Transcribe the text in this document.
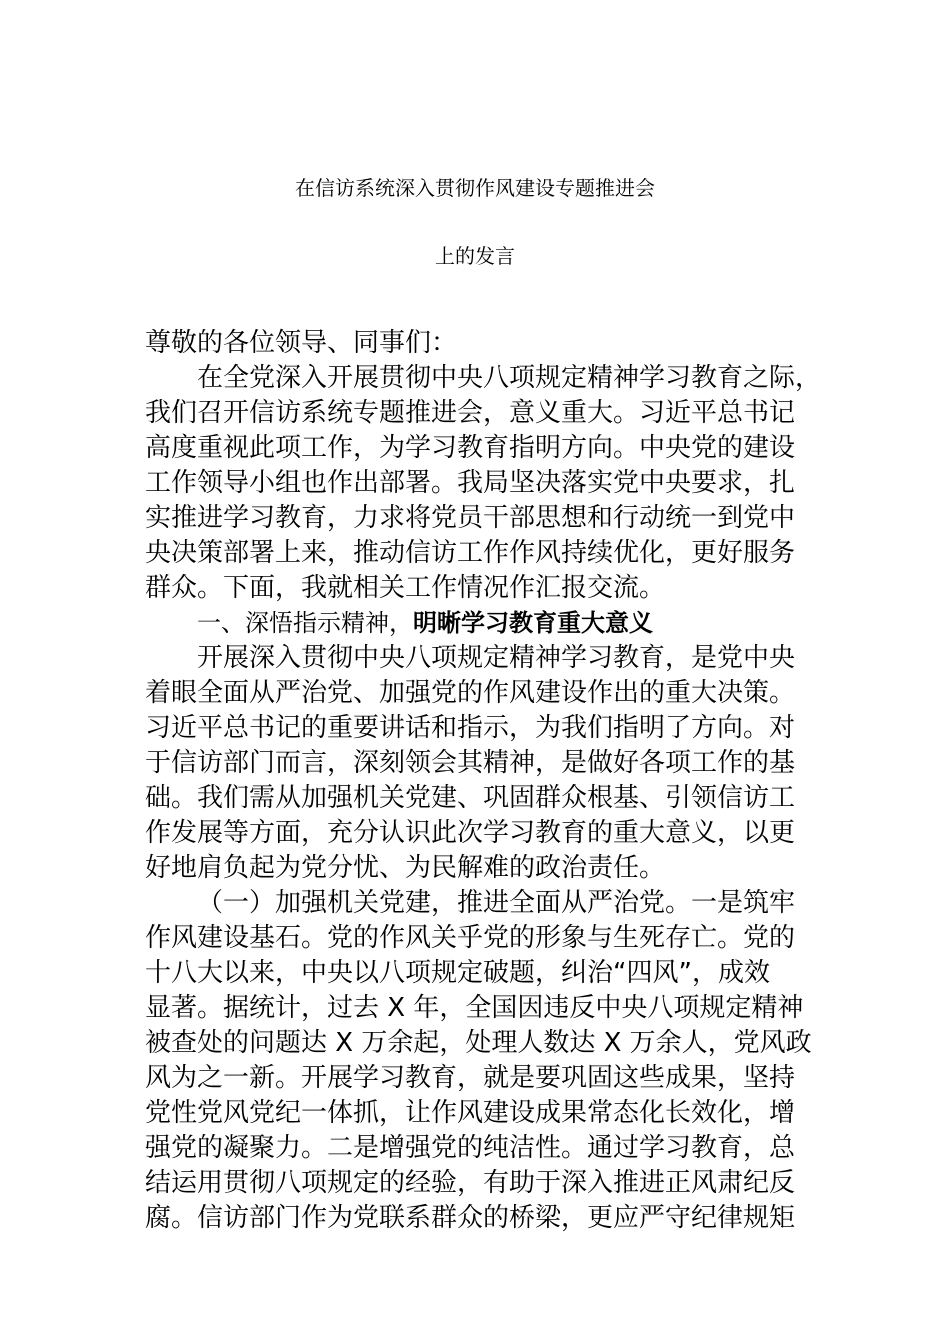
在信访系统深入贯彻作风建设专题推进会
上的发言
尊敬的各位领导、同事们：
在全党深入开展贯彻中央八项规定精神学习教育之际，
我们召开信访系统专题推进会，意义重大。习近平总书记
高度重视此项工作，为学习教育指明方向。中央党的建设
工作领导小组也作出部署。我局坚决落实党中央要求，扎
实推进学习教育，力求将党员干部思想和行动统一到党中
央决策部署上来，推动信访工作作风持续优化，更好服务
群众。下面，我就相关工作情况作汇报交流。
一、深悟指示精神，明晰学习教育重大意义
开展深入贯彻中央八项规定精神学习教育，是党中央
着眼全面从严治党、加强党的作风建设作出的重大决策。
习近平总书记的重要讲话和指示，为我们指明了方向。对
于信访部门而言，深刻领会其精神，是做好各项工作的基
础。我们需从加强机关党建、巩固群众根基、引领信访工
作发展等方面，充分认识此次学习教育的重大意义，以更
好地肩负起为党分忧、为民解难的政治责任。
（一）加强机关党建，推进全面从严治党。一是筑牢
作风建设基石。党的作风关乎党的形象与生死存亡。党的
十八大以来，中央以八项规定破题，纠治“四风”，成效
显著。据统计，过去 X 年，全国因违反中央八项规定精神
被查处的问题达 X 万余起，处理人数达 X 万余人，党风政
风为之一新。开展学习教育，就是要巩固这些成果，坚持
党性党风党纪一体抓，让作风建设成果常态化长效化，增
强党的凝聚力。二是增强党的纯洁性。通过学习教育，总
结运用贯彻八项规定的经验，有助于深入推进正风肃纪反
腐。信访部门作为党联系群众的桥梁，更应严守纪律规矩
